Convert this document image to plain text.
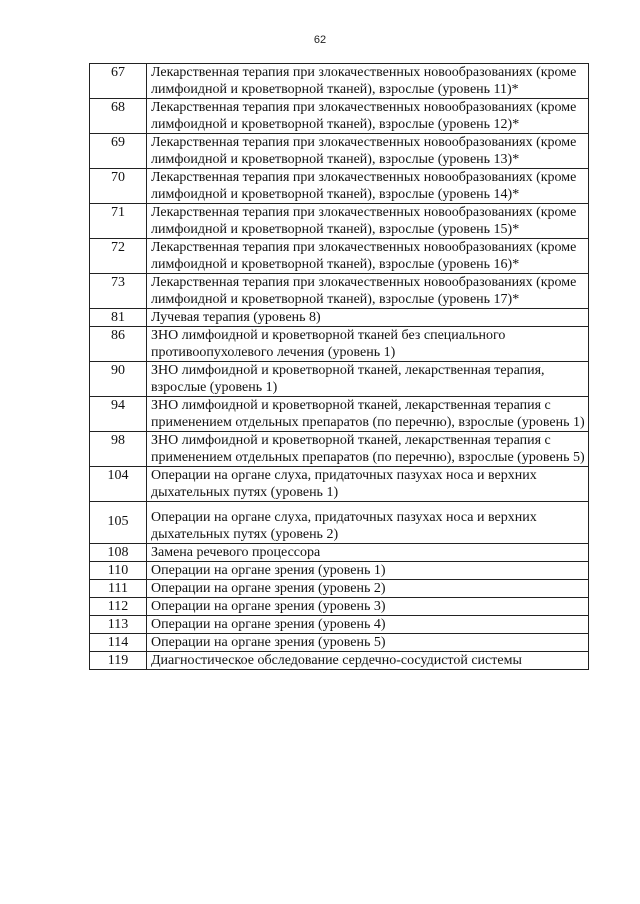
62
67	Лекарственная терапия при злокачественных новообразованиях (кроме лимфоидной и кроветворной тканей), взрослые (уровень 11)*
68	Лекарственная терапия при злокачественных новообразованиях (кроме лимфоидной и кроветворной тканей), взрослые (уровень 12)*
69	Лекарственная терапия при злокачественных новообразованиях (кроме лимфоидной и кроветворной тканей), взрослые (уровень 13)*
70	Лекарственная терапия при злокачественных новообразованиях (кроме лимфоидной и кроветворной тканей), взрослые (уровень 14)*
71	Лекарственная терапия при злокачественных новообразованиях (кроме лимфоидной и кроветворной тканей), взрослые (уровень 15)*
72	Лекарственная терапия при злокачественных новообразованиях (кроме лимфоидной и кроветворной тканей), взрослые (уровень 16)*
73	Лекарственная терапия при злокачественных новообразованиях (кроме лимфоидной и кроветворной тканей), взрослые (уровень 17)*
81	Лучевая терапия (уровень 8)
86	ЗНО лимфоидной и кроветворной тканей без специального противоопухолевого лечения (уровень 1)
90	ЗНО лимфоидной и кроветворной тканей, лекарственная терапия, взрослые (уровень 1)
94	ЗНО лимфоидной и кроветворной тканей, лекарственная терапия с применением отдельных препаратов (по перечню), взрослые (уровень 1)
98	ЗНО лимфоидной и кроветворной тканей, лекарственная терапия с применением отдельных препаратов (по перечню), взрослые (уровень 5)
104	Операции на органе слуха, придаточных пазухах носа и верхних дыхательных путях (уровень 1)
105	Операции на органе слуха, придаточных пазухах носа и верхних дыхательных путях (уровень 2)
108	Замена речевого процессора
110	Операции на органе зрения (уровень 1)
111	Операции на органе зрения (уровень 2)
112	Операции на органе зрения (уровень 3)
113	Операции на органе зрения (уровень 4)
114	Операции на органе зрения (уровень 5)
119	Диагностическое обследование сердечно-сосудистой системы
